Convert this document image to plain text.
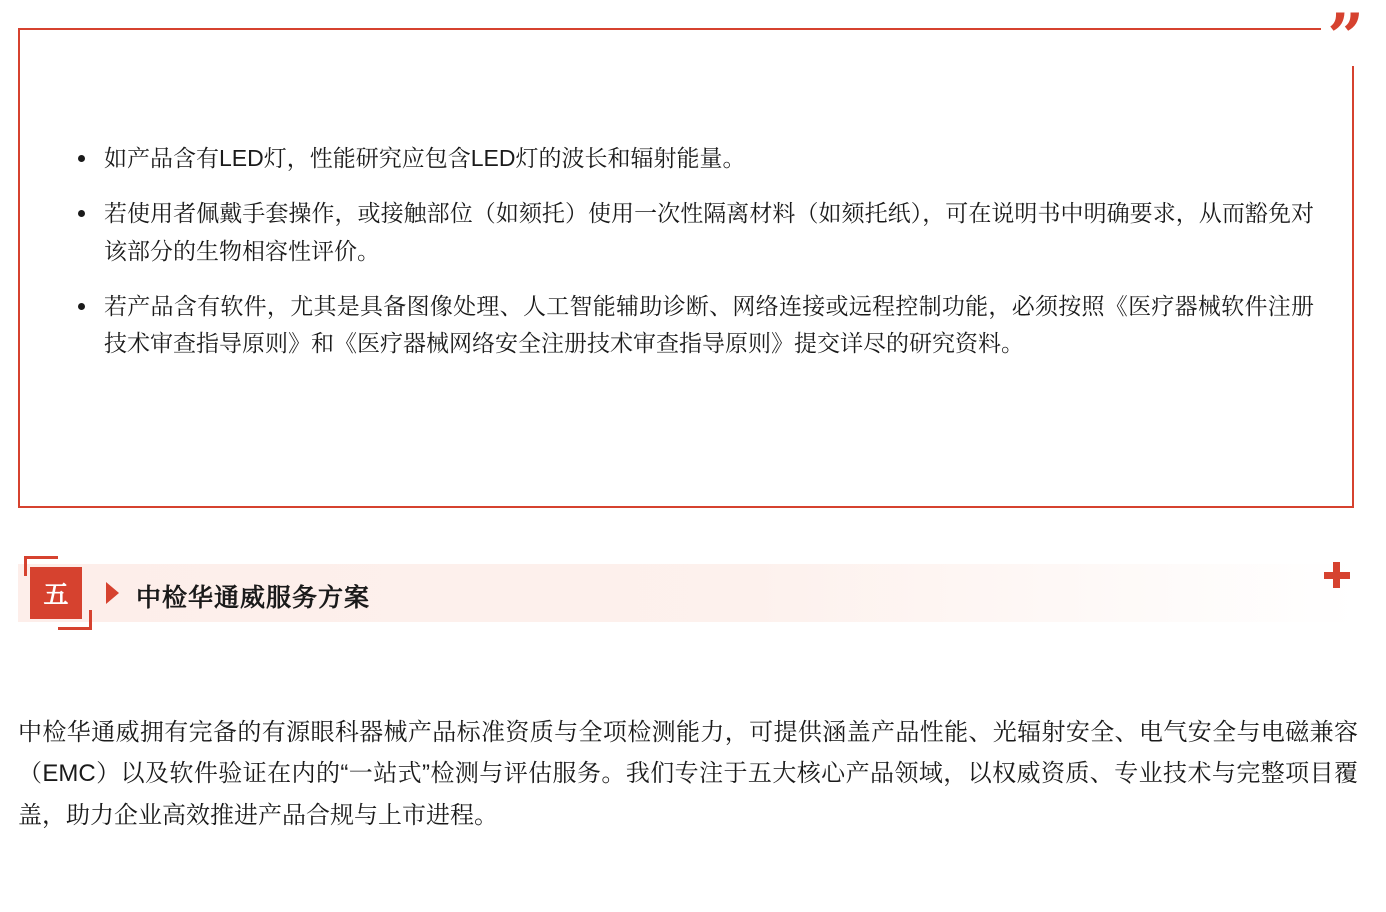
”
如产品含有LED灯，性能研究应包含LED灯的波长和辐射能量。
若使用者佩戴手套操作，或接触部位（如颏托）使用一次性隔离材料（如颏托纸），可在说明书中明确要求，从而豁免对该部分的生物相容性评价。
若产品含有软件，尤其是具备图像处理、人工智能辅助诊断、网络连接或远程控制功能，必须按照《医疗器械软件注册技术审查指导原则》和《医疗器械网络安全注册技术审查指导原则》提交详尽的研究资料。
五	中检华通威服务方案

中检华通威拥有完备的有源眼科器械产品标准资质与全项检测能力，可提供涵盖产品性能、光辐射安全、电气安全与电磁兼容（EMC）以及软件验证在内的“一站式”检测与评估服务。我们专注于五大核心产品领域，以权威资质、专业技术与完整项目覆盖，助力企业高效推进产品合规与上市进程。
